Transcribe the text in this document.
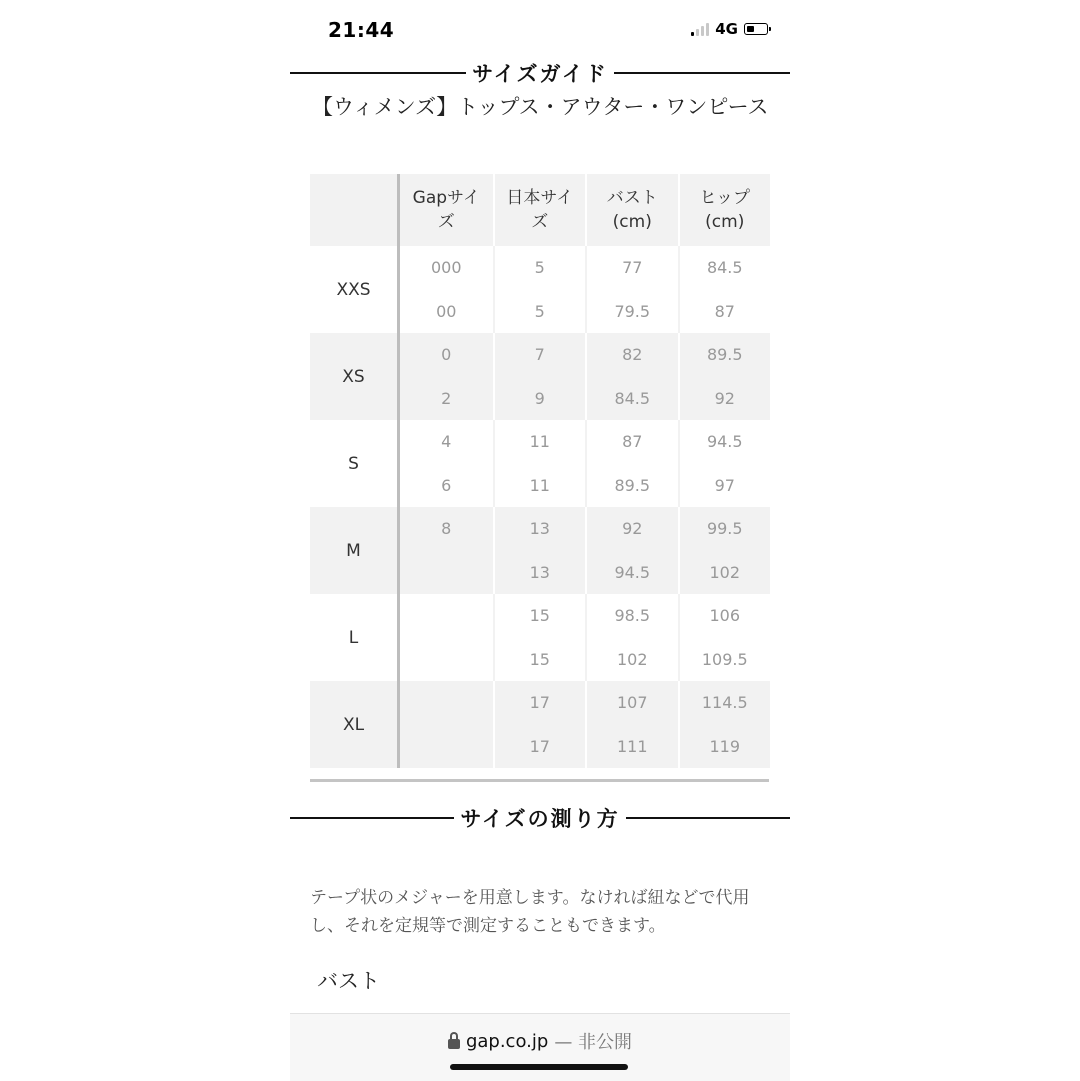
21:44	4G
サイズガイド
【ウィメンズ】トップス・アウター・ワンピース

	Gapサイズ	日本サイズ	バスト (cm)	ヒップ (cm)

XXS	000	5	77	84.5
	00	5	79.5	87
XS	0	7	82	89.5
	2	9	84.5	92
S	4	11	87	94.5
	6	11	89.5	97
M	8	13	92	99.5
		13	94.5	102
L		15	98.5	106
		15	102	109.5
XL		17	107	114.5
		17	111	119
サイズの測り方
テープ状のメジャーを用意します。なければ紐などで代用し、それを定規等で測定することもできます。
バスト
gap.co.jp — 非公開
